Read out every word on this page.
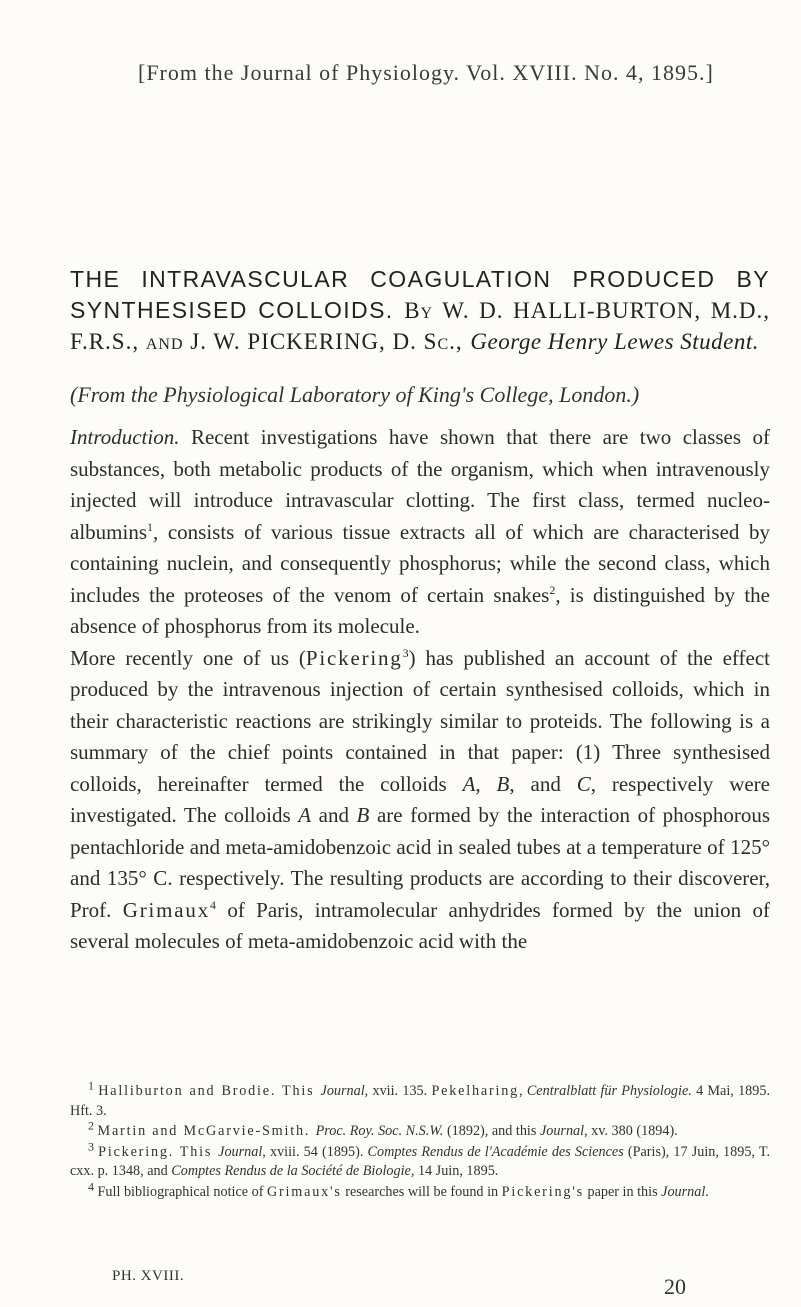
[From the Journal of Physiology. Vol. XVIII. No. 4, 1895.]
THE INTRAVASCULAR COAGULATION PRODUCED BY SYNTHESISED COLLOIDS. By W. D. HALLI-BURTON, M.D., F.R.S., and J. W. PICKERING, D. Sc., George Henry Lewes Student.
(From the Physiological Laboratory of King's College, London.)

Introduction. Recent investigations have shown that there are two classes of substances, both metabolic products of the organism, which when intravenously injected will introduce intravascular clotting. The first class, termed nucleo-albumins$^1$, consists of various tissue extracts all of which are characterised by containing nuclein, and consequently phosphorus; while the second class, which includes the proteoses of the venom of certain snakes$^2$, is distinguished by the absence of phosphorus from its molecule.

More recently one of us (Pickering$^3$) has published an account of the effect produced by the intravenous injection of certain synthesised colloids, which in their characteristic reactions are strikingly similar to proteids. The following is a summary of the chief points contained in that paper: (1) Three synthesised colloids, hereinafter termed the colloids A, B, and C, respectively were investigated. The colloids A and B are formed by the interaction of phosphorous pentachloride and meta-amidobenzoic acid in sealed tubes at a temperature of 125° and 135° C. respectively. The resulting products are according to their discoverer, Prof. Grimaux$^4$ of Paris, intramolecular anhydrides formed by the union of several molecules of meta-amidobenzoic acid with the

$^1$ Halliburton and Brodie. This Journal, xvii. 135. Pekelharing, Centralblatt für Physiologie. 4 Mai, 1895. Hft. 3.

$^2$ Martin and McGarvie-Smith. Proc. Roy. Soc. N.S.W. (1892), and this Journal, xv. 380 (1894).

$^3$ Pickering. This Journal, xviii. 54 (1895). Comptes Rendus de l'Académie des Sciences (Paris), 17 Juin, 1895, T. cxx. p. 1348, and Comptes Rendus de la Société de Biologie, 14 Juin, 1895.

$^4$ Full bibliographical notice of Grimaux's researches will be found in Pickering's paper in this Journal.

PH. XVIII.	20
